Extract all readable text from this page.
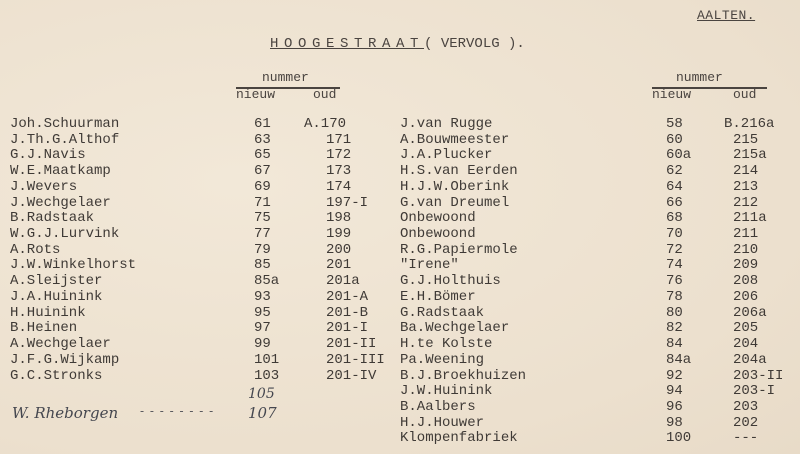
AALTEN.
HOOGESTRAAT( VERVOLG ).
nummer
nieuw	oud
nummer
nieuw	oud
Joh.Schuurman	61 A.170
J.Th.G.Althof	63	171
G.J.Navis	65	172
W.E.Maatkamp	67	173
J.Wevers	69	174
J.Wechgelaer	71	197-I
B.Radstaak	75	198
W.G.J.Lurvink	77	199
A.Rots	79	200
J.W.Winkelhorst	85	201
A.Sleijster	85a	201a
J.A.Huinink	93	201-A
H.Huinink	95	201-B
B.Heinen	97	201-I
A.Wechgelaer	99	201-II
J.F.G.Wijkamp	101	201-III
G.C.Stronks	103	201-IV
J.van Rugge	58	B.216a
A.Bouwmeester	60	215
J.A.Plucker	60a	215a
H.S.van Eerden	62	214
H.J.W.Oberink	64	213
G.van Dreumel	66	212
Onbewoond	68	211a
Onbewoond	70	211
R.G.Papiermole	72	210
"Irene"	74	209
G.J.Holthuis	76	208
E.H.Bömer	78	206
G.Radstaak	80	206a
Ba.Wechgelaer	82	205
H.te Kolste	84	204
Pa.Weening	84a	204a
B.J.Broekhuizen	92	203-II
J.W.Huinink	94	203-I
B.Aalbers	96	203
H.J.Houwer	98	202
Klompenfabriek	100	---
105
W. Rheborgen - - - - - - - - 107
